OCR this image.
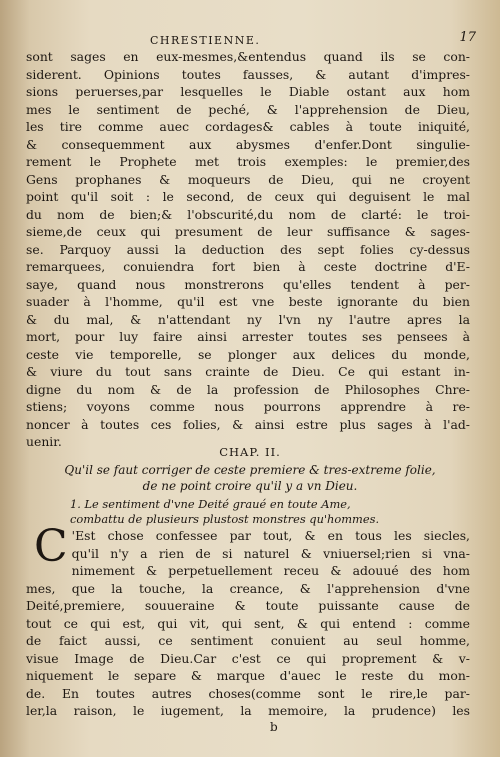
CHRESTIENNE.	17
sont sages en eux-mesmes,&entendus quand ils se con-
siderent. Opinions toutes fausses, & autant d'impres-
sions peruerses,par lesquelles le Diable ostant aux hom
mes le sentiment de peché, & l'apprehension de Dieu,
les tire comme auec cordages& cables à toute iniquité,
& consequemment aux abysmes d'enfer.Dont singulie-
rement le Prophete met trois exemples: le premier,des
Gens prophanes & moqueurs de Dieu, qui ne croyent
point qu'il soit : le second, de ceux qui deguisent le mal
du nom de bien;& l'obscurité,du nom de clarté: le troi-
sieme,de ceux qui presument de leur suffisance & sages-
se. Parquoy aussi la deduction des sept folies cy-dessus
remarquees, conuiendra fort bien à ceste doctrine d'E-
saye, quand nous monstrerons qu'elles tendent à per-
suader à l'homme, qu'il est vne beste ignorante du bien
& du mal, & n'attendant ny l'vn ny l'autre apres la
mort, pour luy faire ainsi arrester toutes ses pensees à
ceste vie temporelle, se plonger aux delices du monde,
& viure du tout sans crainte de Dieu. Ce qui estant in-
digne du nom & de la profession de Philosophes Chre-
stiens; voyons comme nous pourrons apprendre à re-
noncer à toutes ces folies, & ainsi estre plus sages à l'ad-
uenir.
CHAP. II.
Qu'il se faut corriger de ceste premiere & tres-extreme folie,
de ne point croire qu'il y a vn Dieu.
1. Le sentiment d'vne Deité graué en toute Ame,
combattu de plusieurs plustost monstres qu'hommes.
C 'Est chose confessee par tout, & en tous les siecles,
qu'il n'y a rien de si naturel & vniuersel;rien si vna-
nimement & perpetuellement receu & adouué des hom
mes, que la touche, la creance, & l'apprehension d'vne
Deité,premiere, souueraine & toute puissante cause de
tout ce qui est, qui vit, qui sent, & qui entend : comme
de faict aussi, ce sentiment conuient au seul homme,
visue Image de Dieu.Car c'est ce qui proprement & v-
niquement le separe & marque d'auec le reste du mon-
de. En toutes autres choses(comme sont le rire,le par-
ler,la raison, le iugement, la memoire, la prudence) les
b
